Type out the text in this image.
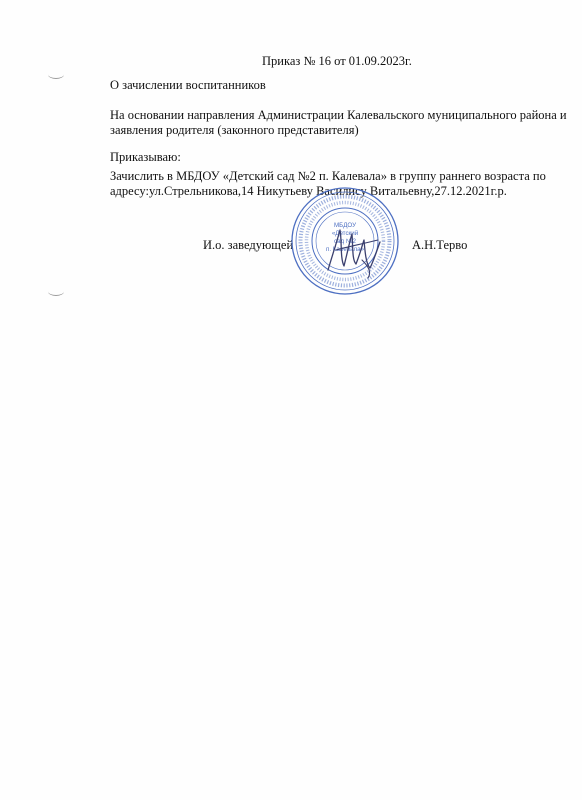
Приказ № 16 от 01.09.2023г.
О зачислении воспитанников
На основании направления Администрации Калевальского муниципального района и
заявления родителя (законного представителя)
Приказываю:
Зачислить в МБДОУ «Детский сад №2 п. Калевала» в группу раннего возраста по
адресу:ул.Стрельникова,14 Никутьеву Василису Витальевну,27.12.2021г.р.
И.о. заведующей	А.Н.Терво
МБДОУ
«Детский
сад №2
п. Калевала»
